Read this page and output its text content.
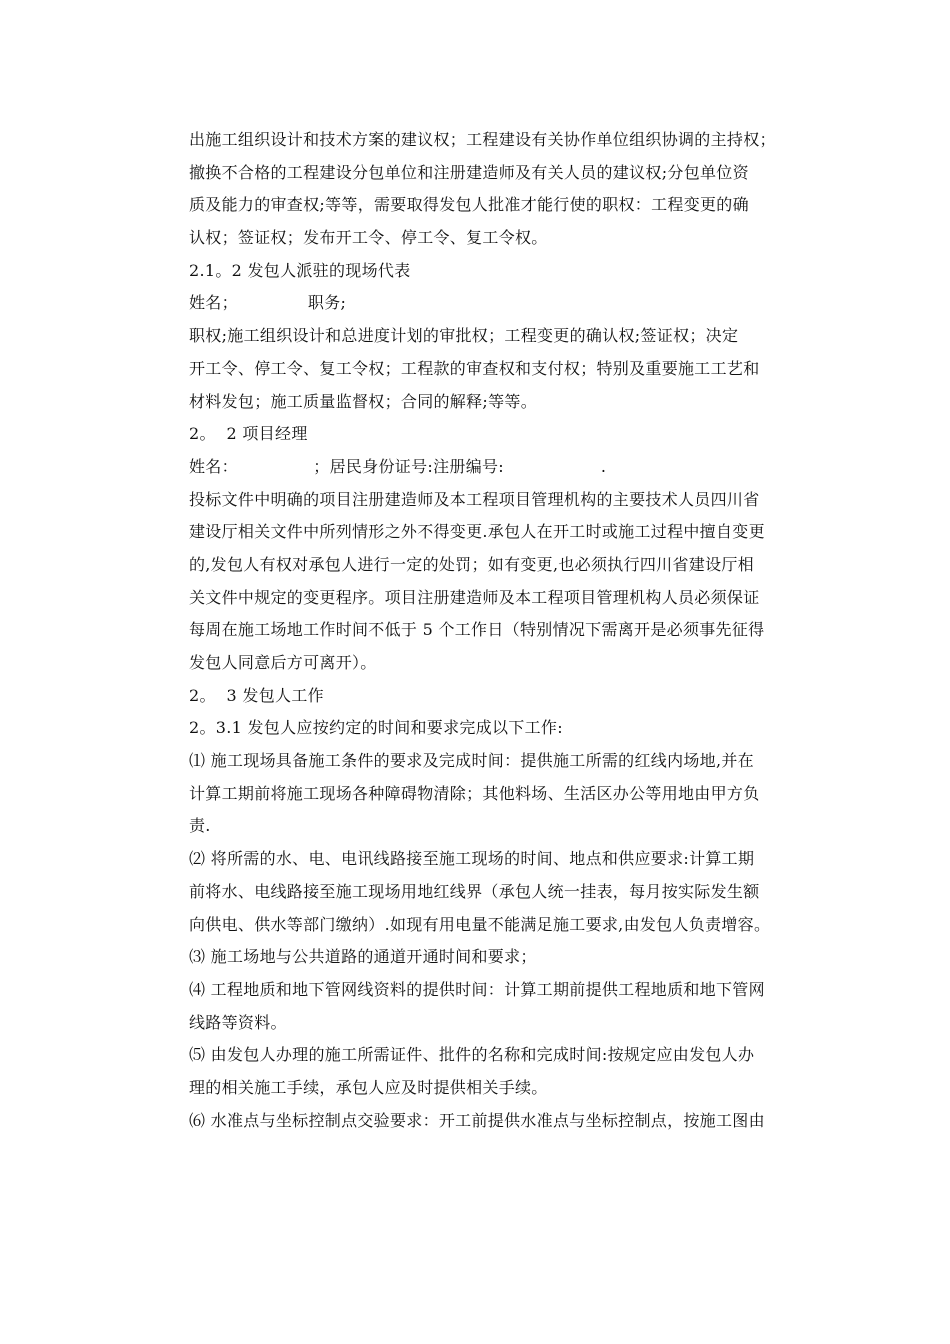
出施工组织设计和技术方案的建议权；工程建设有关协作单位组织协调的主持权；
撤换不合格的工程建设分包单位和注册建造师及有关人员的建议权;分包单位资
质及能力的审查权;等等，需要取得发包人批准才能行使的职权：工程变更的确
认权；签证权；发布开工令、停工令、复工令权。
2.1。2 发包人派驻的现场代表
姓名；             职务;
职权;施工组织设计和总进度计划的审批权；工程变更的确认权;签证权；决定
开工令、停工令、复工令权；工程款的审查权和支付权；特别及重要施工工艺和
材料发包；施工质量监督权；合同的解释;等等。
2。  2 项目经理
姓名：              ；居民身份证号:注册编号:                  .
投标文件中明确的项目注册建造师及本工程项目管理机构的主要技术人员四川省
建设厅相关文件中所列情形之外不得变更.承包人在开工时或施工过程中擅自变更
的,发包人有权对承包人进行一定的处罚；如有变更,也必须执行四川省建设厅相
关文件中规定的变更程序。项目注册建造师及本工程项目管理机构人员必须保证
每周在施工场地工作时间不低于 5 个工作日（特别情况下需离开是必须事先征得
发包人同意后方可离开）。
2。  3 发包人工作
2。3.1 发包人应按约定的时间和要求完成以下工作:
⑴ 施工现场具备施工条件的要求及完成时间：提供施工所需的红线内场地,并在
计算工期前将施工现场各种障碍物清除；其他料场、生活区办公等用地由甲方负
责.
⑵ 将所需的水、电、电讯线路接至施工现场的时间、地点和供应要求:计算工期
前将水、电线路接至施工现场用地红线界（承包人统一挂表，每月按实际发生额
向供电、供水等部门缴纳）.如现有用电量不能满足施工要求,由发包人负责增容。
⑶ 施工场地与公共道路的通道开通时间和要求；
⑷ 工程地质和地下管网线资料的提供时间：计算工期前提供工程地质和地下管网
线路等资料。
⑸ 由发包人办理的施工所需证件、批件的名称和完成时间:按规定应由发包人办
理的相关施工手续，承包人应及时提供相关手续。
⑹ 水准点与坐标控制点交验要求：开工前提供水准点与坐标控制点，按施工图由
